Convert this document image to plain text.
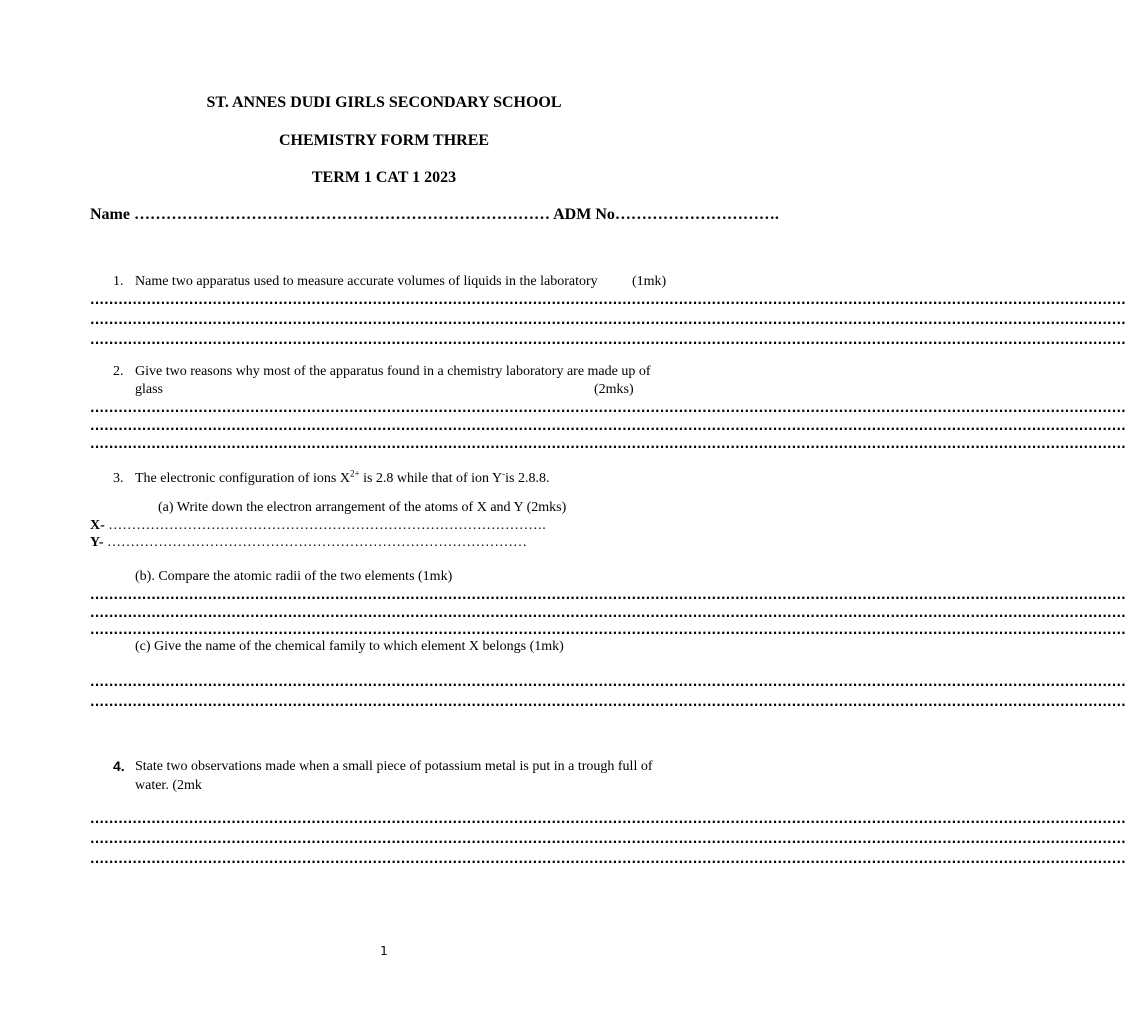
ST. ANNES DUDI GIRLS SECONDARY SCHOOL
CHEMISTRY FORM THREE
TERM 1 CAT 1 2023
Name …………………………………………………………………… ADM No………………………….
1. Name two apparatus used to measure accurate volumes of liquids in the laboratory (1mk)
............................................................................................................................................................................................................................
............................................................................................................................................................................................................................
............................................................................................................................................................................................................................
2. Give two reasons why most of the apparatus found in a chemistry laboratory are made up of
glass	(2mks)
............................................................................................................................................................................................................................
............................................................................................................................................................................................................................
............................................................................................................................................................................................................................
3. The electronic configuration of ions $X^{2+}$ is 2.8 while that of ion Y-is 2.8.8.
(a) Write down the electron arrangement of the atoms of X and Y (2mks)
X- ………………………………………………………………………………….
Y- ………………………………………………………………………………
(b). Compare the atomic radii of the two elements (1mk)
............................................................................................................................................................................................................................
............................................................................................................................................................................................................................
............................................................................................................................................................................................................................
(c) Give the name of the chemical family to which element X belongs (1mk)
............................................................................................................................................................................................................................
............................................................................................................................................................................................................................
4. State two observations made when a small piece of potassium metal is put in a trough full of
water. (2mk
............................................................................................................................................................................................................................
............................................................................................................................................................................................................................
............................................................................................................................................................................................................................
1
